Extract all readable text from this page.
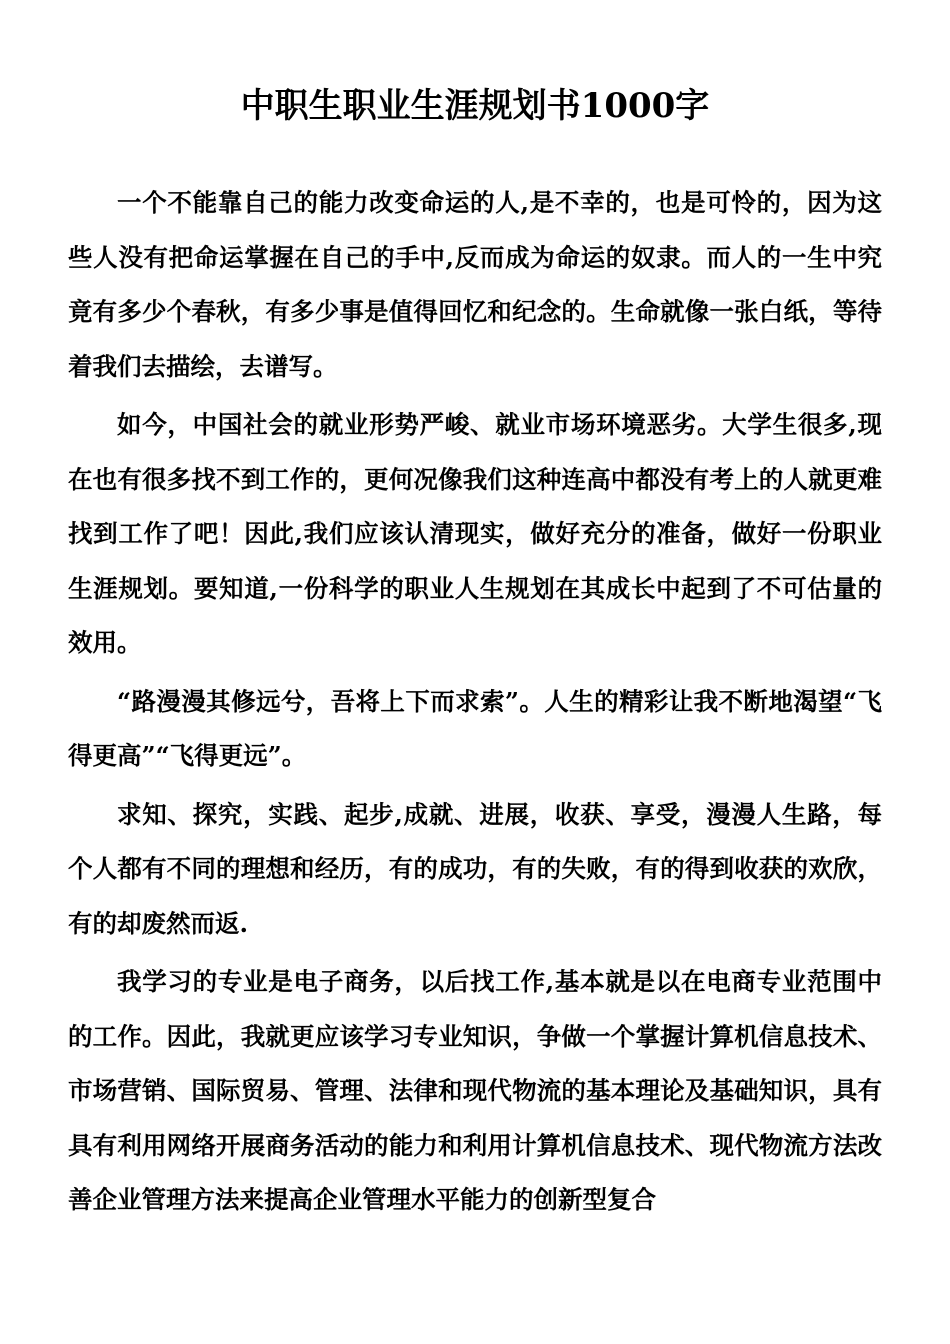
中职生职业生涯规划书1000字

一个不能靠自己的能力改变命运的人,是不幸的，也是可怜的，因为这些人没有把命运掌握在自己的手中,反而成为命运的奴隶。而人的一生中究竟有多少个春秋，有多少事是值得回忆和纪念的。生命就像一张白纸，等待着我们去描绘，去谱写。

如今，中国社会的就业形势严峻、就业市场环境恶劣。大学生很多,现在也有很多找不到工作的，更何况像我们这种连高中都没有考上的人就更难找到工作了吧！因此,我们应该认清现实，做好充分的准备，做好一份职业生涯规划。要知道,一份科学的职业人生规划在其成长中起到了不可估量的效用。

“路漫漫其修远兮，吾将上下而求索”。人生的精彩让我不断地渴望“飞得更高”“飞得更远”。

求知、探究，实践、起步,成就、进展，收获、享受，漫漫人生路，每个人都有不同的理想和经历，有的成功，有的失败，有的得到收获的欢欣，有的却废然而返.

我学习的专业是电子商务，以后找工作,基本就是以在电商专业范围中的工作。因此，我就更应该学习专业知识，争做一个掌握计算机信息技术、市场营销、国际贸易、管理、法律和现代物流的基本理论及基础知识，具有具有利用网络开展商务活动的能力和利用计算机信息技术、现代物流方法改善企业管理方法来提高企业管理水平能力的创新型复合
